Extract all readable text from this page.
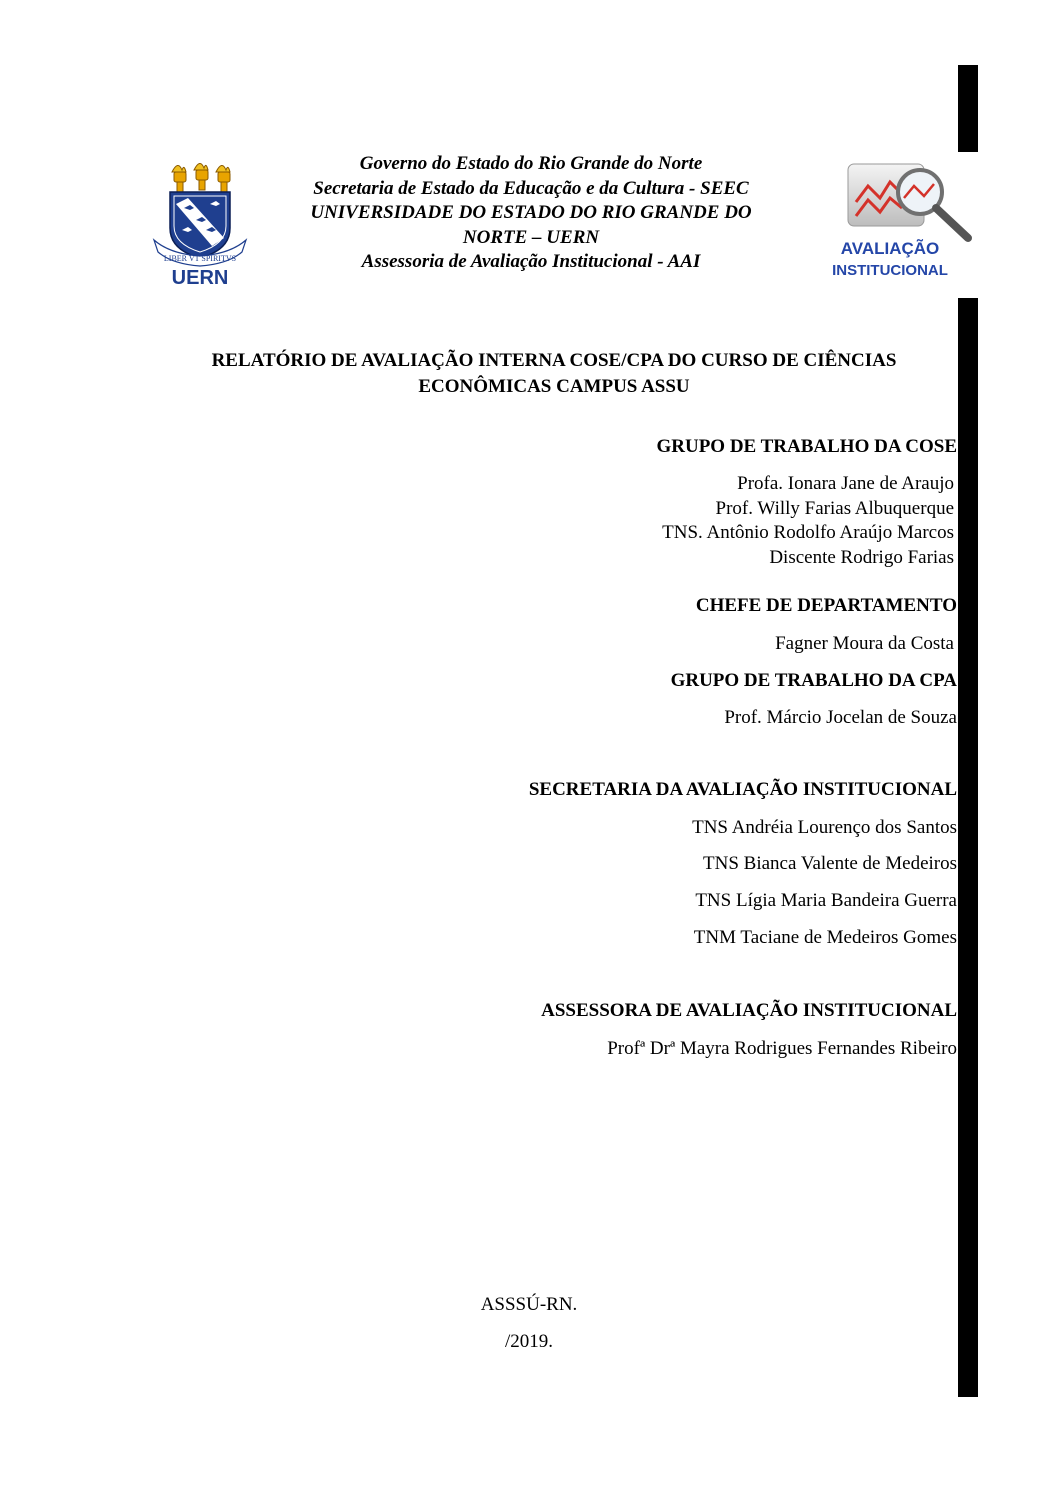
LIBER VT SPIRITVS
UERN
AVALIAÇÃO
INSTITUCIONAL
Governo do Estado do Rio Grande do Norte
Secretaria de Estado da Educação e da Cultura - SEEC
UNIVERSIDADE DO ESTADO DO RIO GRANDE DO
NORTE – UERN
Assessoria de Avaliação Institucional - AAI
RELATÓRIO DE AVALIAÇÃO INTERNA COSE/CPA DO CURSO DE CIÊNCIAS
ECONÔMICAS CAMPUS ASSU
GRUPO DE TRABALHO DA COSE
Profa. Ionara Jane de Araujo
Prof. Willy Farias Albuquerque
TNS. Antônio Rodolfo Araújo Marcos
Discente Rodrigo Farias
CHEFE DE DEPARTAMENTO
Fagner Moura da Costa
GRUPO DE TRABALHO DA CPA
Prof. Márcio Jocelan de Souza
SECRETARIA DA AVALIAÇÃO INSTITUCIONAL
TNS Andréia Lourenço dos Santos
TNS Bianca Valente de Medeiros
TNS Lígia Maria Bandeira Guerra
TNM Taciane de Medeiros Gomes
ASSESSORA DE AVALIAÇÃO INSTITUCIONAL
Profª Drª Mayra Rodrigues Fernandes Ribeiro
ASSSÚ-RN.
/2019.
